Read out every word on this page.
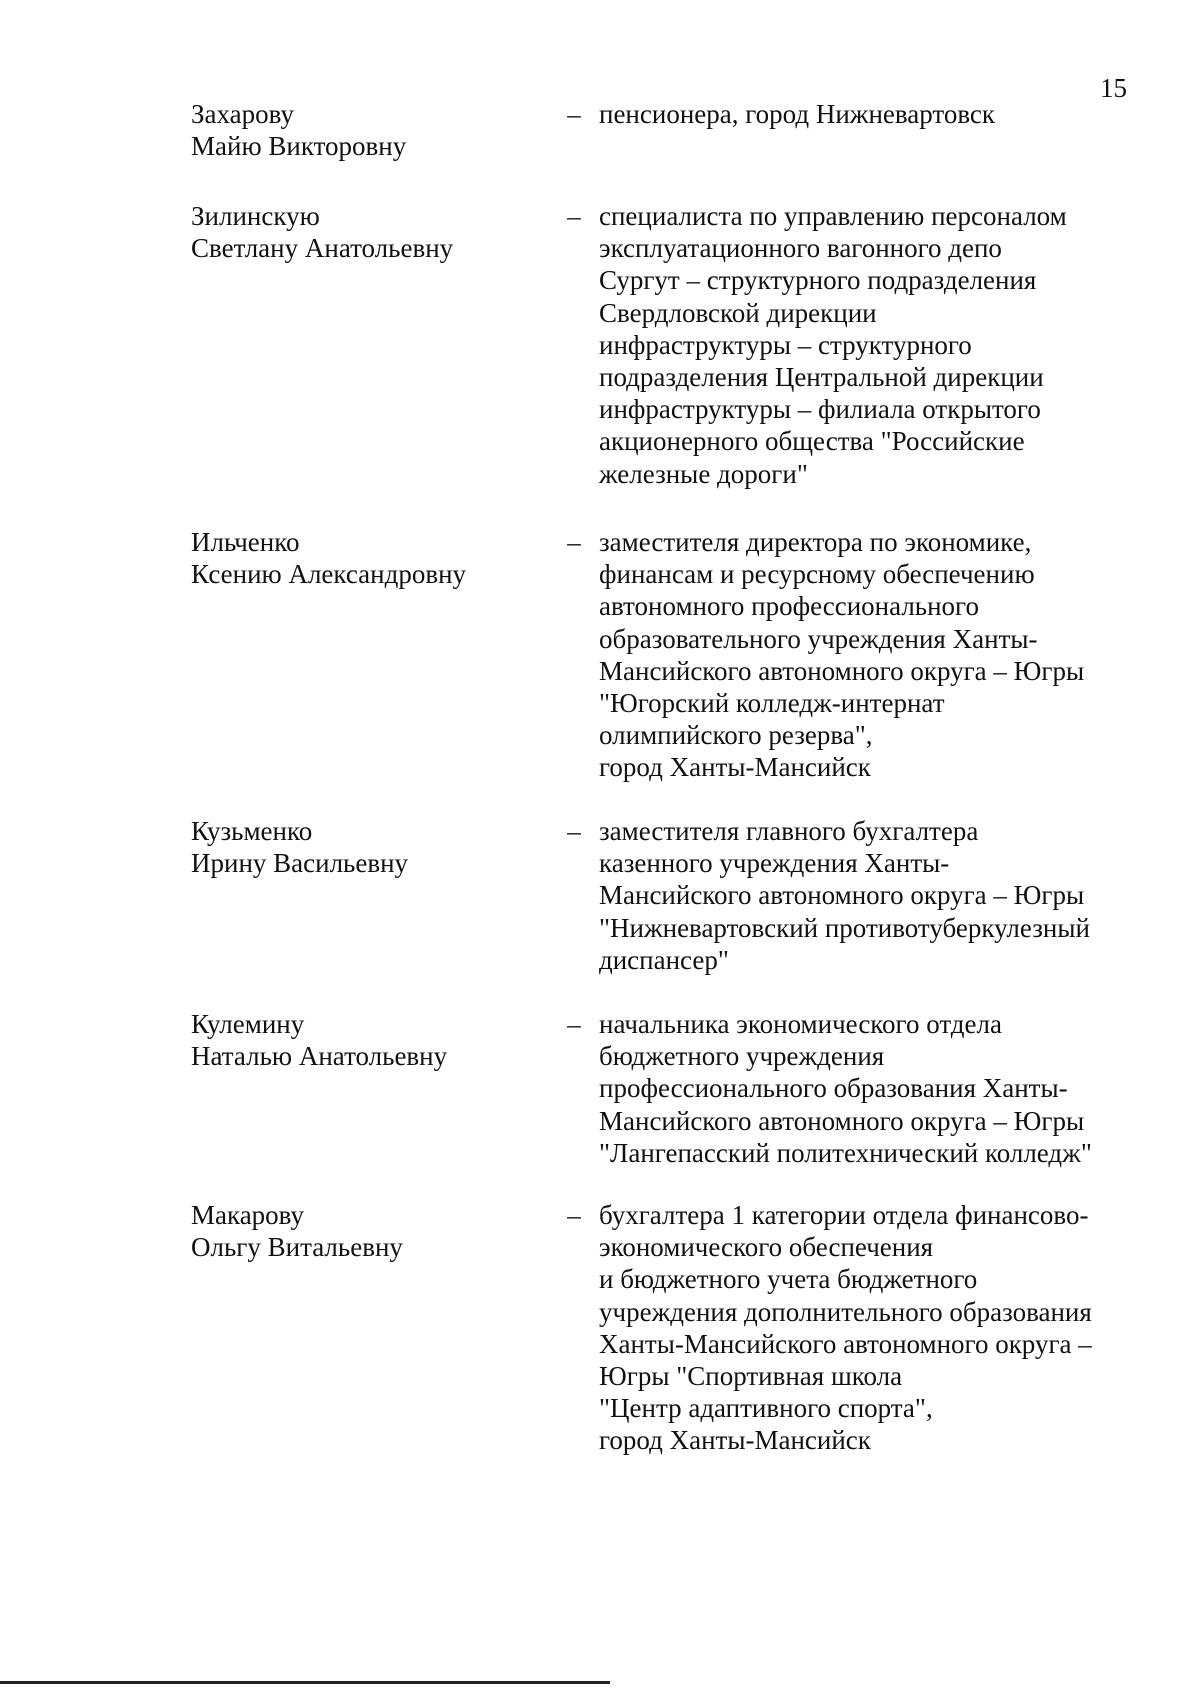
15
Захарову
Майю Викторовну
– пенсионера, город Нижневартовск
Зилинскую
Светлану Анатольевну
– специалиста по управлению персоналом
эксплуатационного вагонного депо
Сургут – структурного подразделения
Свердловской дирекции
инфраструктуры – структурного
подразделения Центральной дирекции
инфраструктуры – филиала открытого
акционерного общества "Российские
железные дороги"
Ильченко
Ксению Александровну
– заместителя директора по экономике,
финансам и ресурсному обеспечению
автономного профессионального
образовательного учреждения Ханты-
Мансийского автономного округа – Югры
"Югорский колледж-интернат
олимпийского резерва",
город Ханты-Мансийск
Кузьменко
Ирину Васильевну
– заместителя главного бухгалтера
казенного учреждения Ханты-
Мансийского автономного округа – Югры
"Нижневартовский противотуберкулезный
диспансер"
Кулемину
Наталью Анатольевну
– начальника экономического отдела
бюджетного учреждения
профессионального образования Ханты-
Мансийского автономного округа – Югры
"Лангепасский политехнический колледж"
Макарову
Ольгу Витальевну
– бухгалтера 1 категории отдела финансово-
экономического обеспечения
и бюджетного учета бюджетного
учреждения дополнительного образования
Ханты-Мансийского автономного округа –
Югры "Спортивная школа
"Центр адаптивного спорта",
город Ханты-Мансийск
